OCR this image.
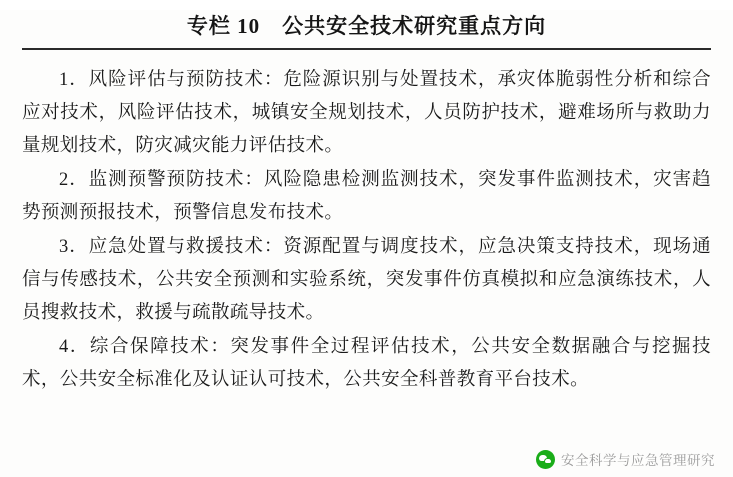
专栏 10 公共安全技术研究重点方向

1．风险评估与预防技术：危险源识别与处置技术，承灾体脆弱性分析和综合应对技术，风险评估技术，城镇安全规划技术，人员防护技术，避难场所与救助力量规划技术，防灾减灾能力评估技术。

2．监测预警预防技术：风险隐患检测监测技术，突发事件监测技术，灾害趋势预测预报技术，预警信息发布技术。

3．应急处置与救援技术：资源配置与调度技术，应急决策支持技术，现场通信与传感技术，公共安全预测和实验系统，突发事件仿真模拟和应急演练技术，人员搜救技术，救援与疏散疏导技术。

4．综合保障技术：突发事件全过程评估技术，公共安全数据融合与挖掘技术，公共安全标准化及认证认可技术，公共安全科普教育平台技术。

安全科学与应急管理研究
